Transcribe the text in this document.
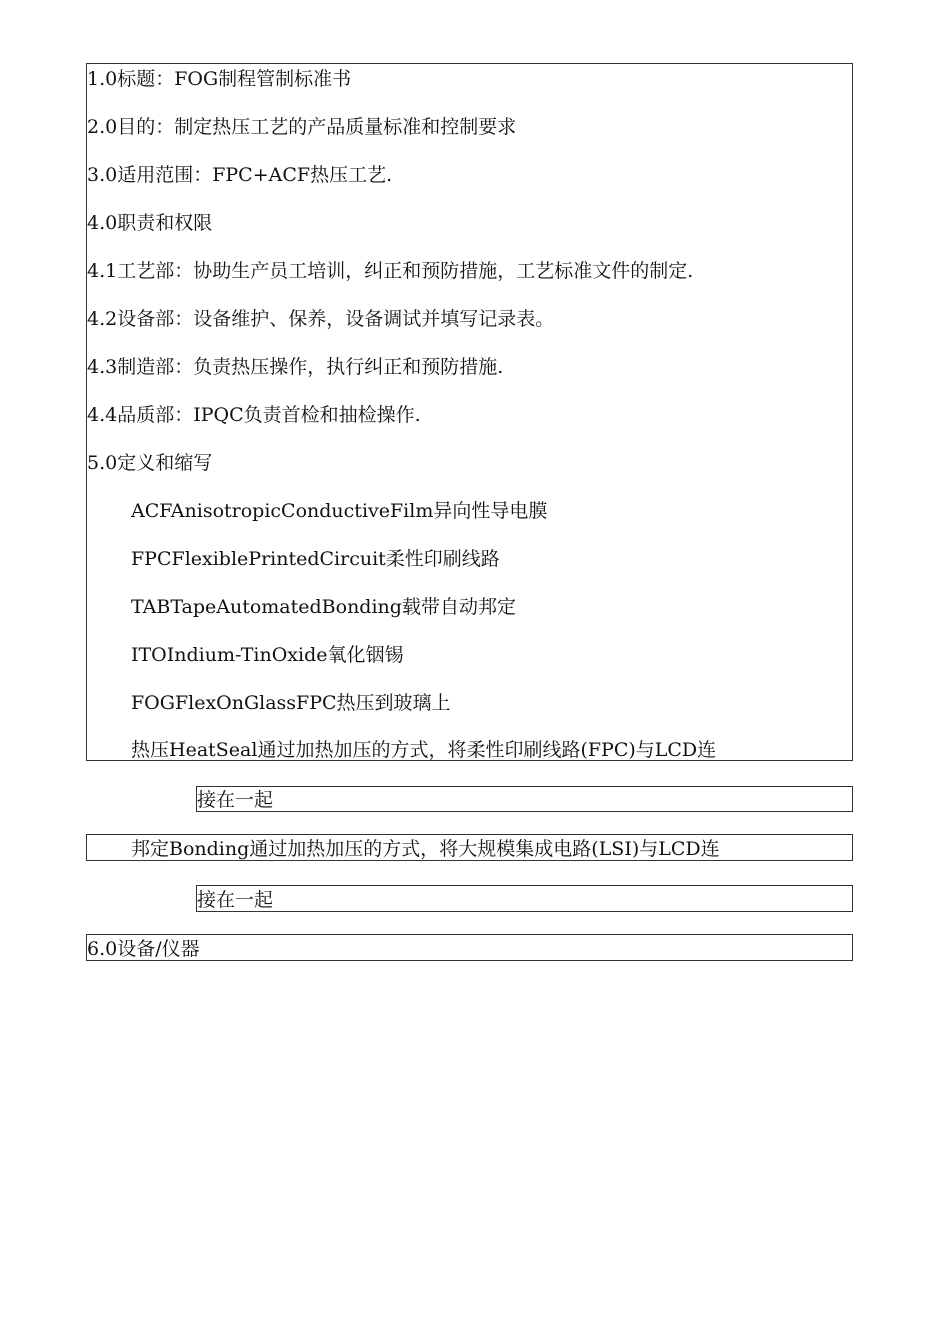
1.0标题：FOG制程管制标准书
2.0目的：制定热压工艺的产品质量标准和控制要求
3.0适用范围：FPC+ACF热压工艺.
4.0职责和权限
4.1工艺部：协助生产员工培训，纠正和预防措施，工艺标准文件的制定.
4.2设备部：设备维护、保养，设备调试并填写记录表。
4.3制造部：负责热压操作，执行纠正和预防措施.
4.4品质部：IPQC负责首检和抽检操作.
5.0定义和缩写
ACFAnisotropicConductiveFilm异向性导电膜
FPCFlexiblePrintedCircuit柔性印刷线路
TABTapeAutomatedBonding载带自动邦定
ITOIndium-TinOxide氧化铟锡
FOGFlexOnGlassFPC热压到玻璃上
热压HeatSeal通过加热加压的方式，将柔性印刷线路(FPC)与LCD连
接在一起
邦定Bonding通过加热加压的方式，将大规模集成电路(LSI)与LCD连
接在一起
6.0设备/仪器
